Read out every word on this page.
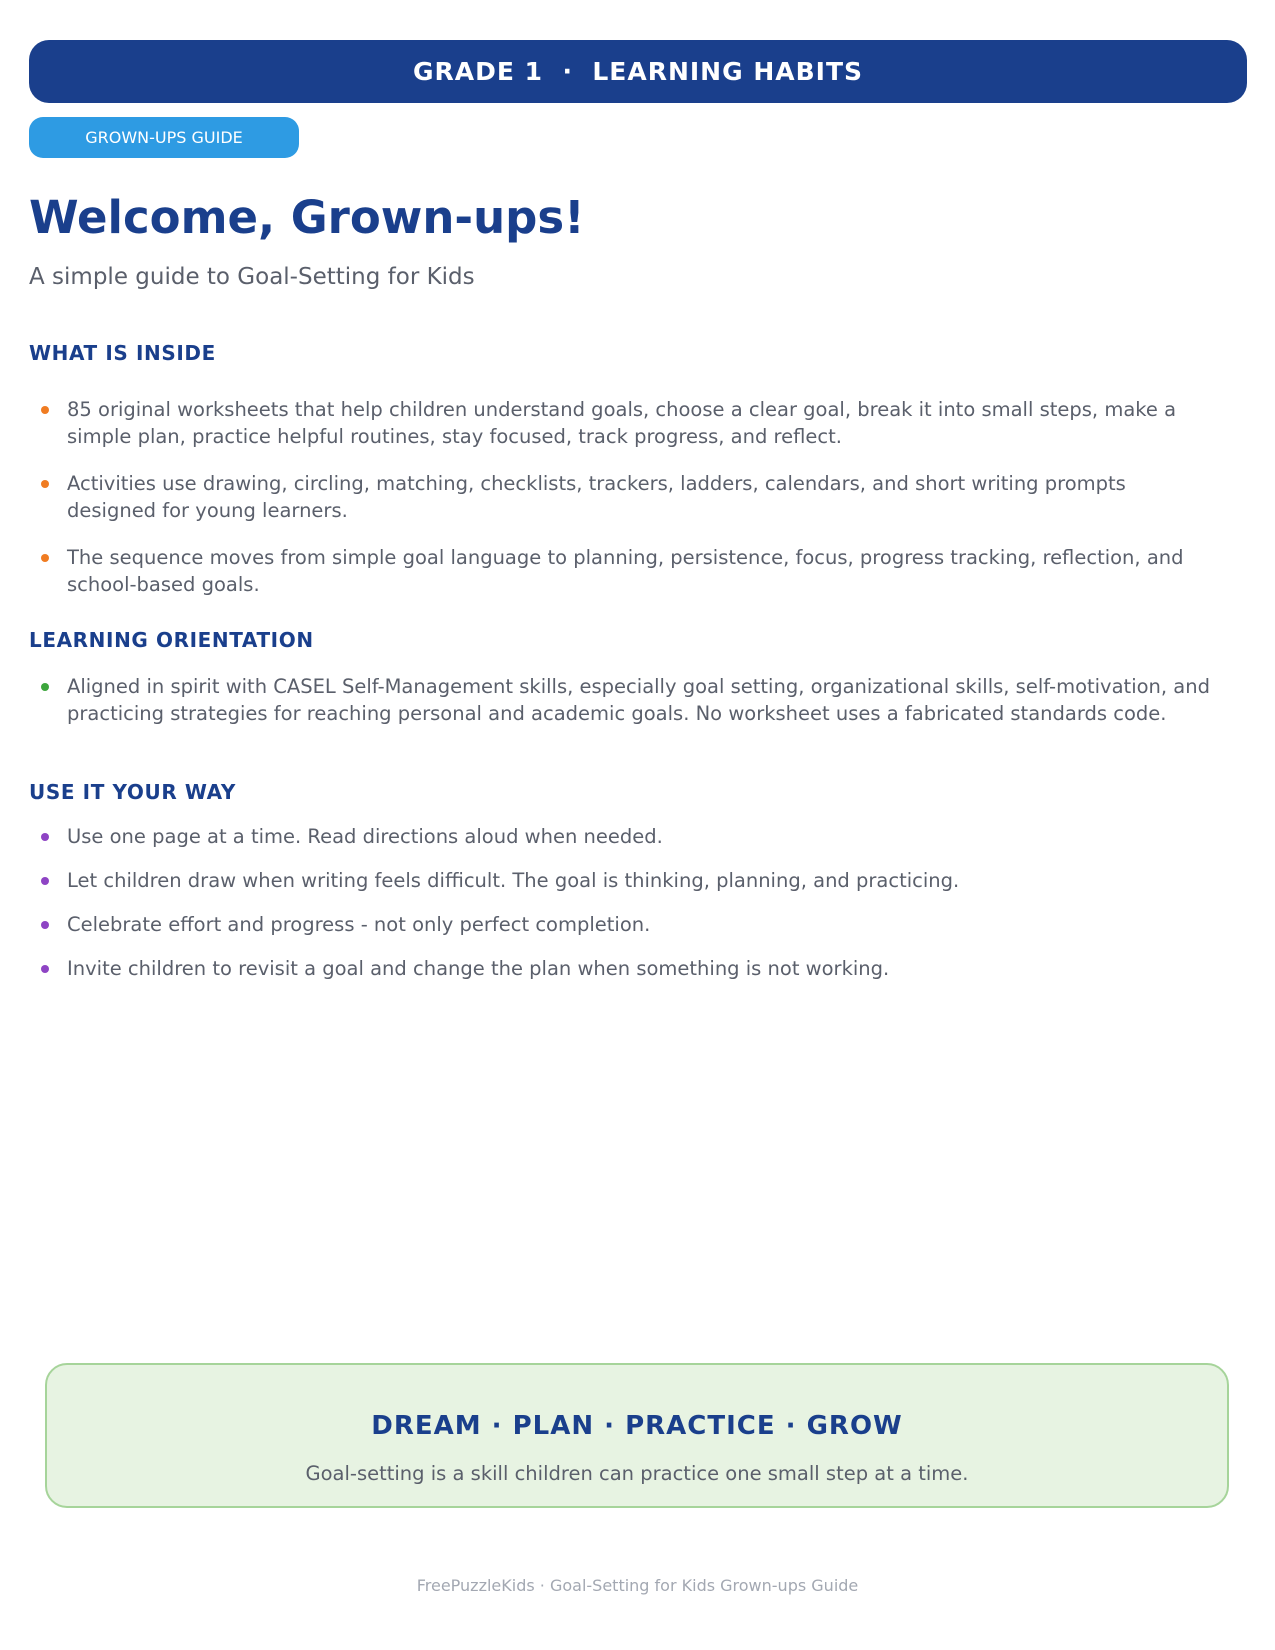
GRADE 1  ·  LEARNING HABITS
GROWN-UPS GUIDE
Welcome, Grown-ups!
A simple guide to Goal-Setting for Kids
WHAT IS INSIDE
85 original worksheets that help children understand goals, choose a clear goal, break it into small steps, make a simple plan, practice helpful routines, stay focused, track progress, and reflect.
Activities use drawing, circling, matching, checklists, trackers, ladders, calendars, and short writing prompts designed for young learners.
The sequence moves from simple goal language to planning, persistence, focus, progress tracking, reflection, and school-based goals.
LEARNING ORIENTATION
Aligned in spirit with CASEL Self-Management skills, especially goal setting, organizational skills, self-motivation, and practicing strategies for reaching personal and academic goals. No worksheet uses a fabricated standards code.
USE IT YOUR WAY
Use one page at a time. Read directions aloud when needed.
Let children draw when writing feels difficult. The goal is thinking, planning, and practicing.
Celebrate effort and progress - not only perfect completion.
Invite children to revisit a goal and change the plan when something is not working.
DREAM · PLAN · PRACTICE · GROW
Goal-setting is a skill children can practice one small step at a time.
FreePuzzleKids · Goal-Setting for Kids Grown-ups Guide
